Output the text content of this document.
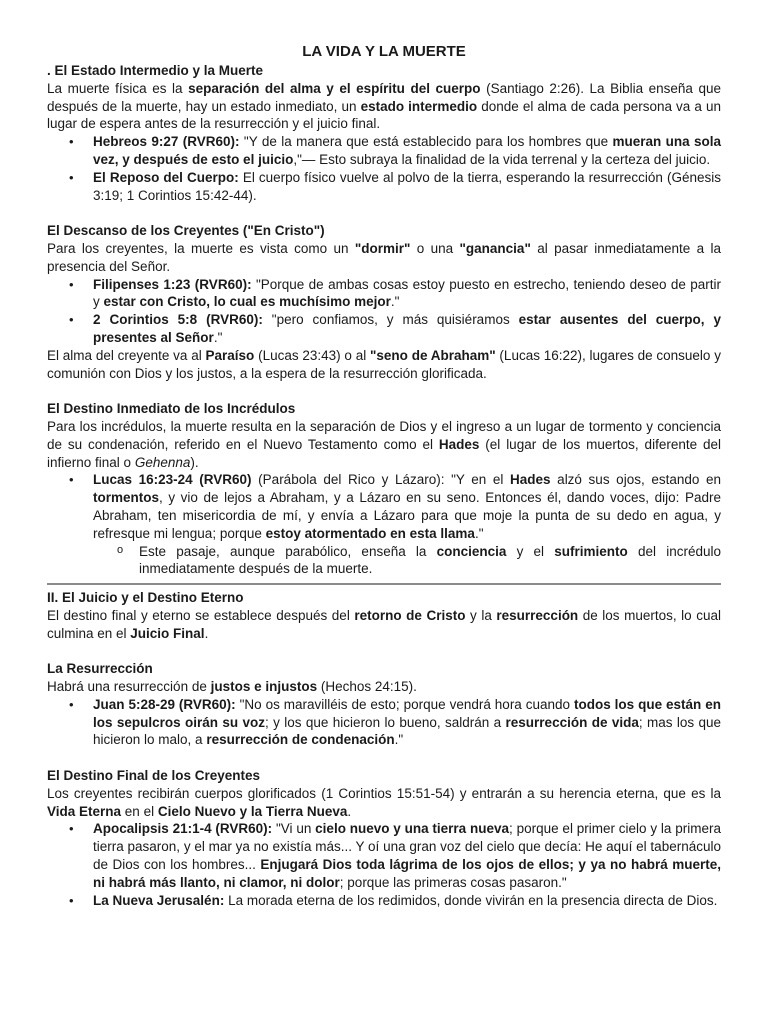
LA VIDA Y LA MUERTE
. El Estado Intermedio y la Muerte

La muerte física es la separación del alma y el espíritu del cuerpo (Santiago 2:26). La Biblia enseña que después de la muerte, hay un estado inmediato, un estado intermedio donde el alma de cada persona va a un lugar de espera antes de la resurrección y el juicio final.

• Hebreos 9:27 (RVR60): "Y de la manera que está establecido para los hombres que mueran una sola vez, y después de esto el juicio,"— Esto subraya la finalidad de la vida terrenal y la certeza del juicio.
• El Reposo del Cuerpo: El cuerpo físico vuelve al polvo de la tierra, esperando la resurrección (Génesis 3:19; 1 Corintios 15:42-44).
El Descanso de los Creyentes ("En Cristo")

Para los creyentes, la muerte es vista como un "dormir" o una "ganancia" al pasar inmediatamente a la presencia del Señor.

• Filipenses 1:23 (RVR60): "Porque de ambas cosas estoy puesto en estrecho, teniendo deseo de partir y estar con Cristo, lo cual es muchísimo mejor."
• 2 Corintios 5:8 (RVR60): "pero confiamos, y más quisiéramos estar ausentes del cuerpo, y presentes al Señor."

El alma del creyente va al Paraíso (Lucas 23:43) o al "seno de Abraham" (Lucas 16:22), lugares de consuelo y comunión con Dios y los justos, a la espera de la resurrección glorificada.

El Destino Inmediato de los Incrédulos

Para los incrédulos, la muerte resulta en la separación de Dios y el ingreso a un lugar de tormento y conciencia de su condenación, referido en el Nuevo Testamento como el Hades (el lugar de los muertos, diferente del infierno final o Gehenna).

• Lucas 16:23-24 (RVR60) (Parábola del Rico y Lázaro): "Y en el Hades alzó sus ojos, estando en tormentos, y vio de lejos a Abraham, y a Lázaro en su seno. Entonces él, dando voces, dijo: Padre Abraham, ten misericordia de mí, y envía a Lázaro para que moje la punta de su dedo en agua, y refresque mi lengua; porque estoy atormentado en esta llama."
o Este pasaje, aunque parabólico, enseña la conciencia y el sufrimiento del incrédulo inmediatamente después de la muerte.
II. El Juicio y el Destino Eterno

El destino final y eterno se establece después del retorno de Cristo y la resurrección de los muertos, lo cual culmina en el Juicio Final.

La Resurrección

Habrá una resurrección de justos e injustos (Hechos 24:15).

• Juan 5:28-29 (RVR60): "No os maravilléis de esto; porque vendrá hora cuando todos los que están en los sepulcros oirán su voz; y los que hicieron lo bueno, saldrán a resurrección de vida; mas los que hicieron lo malo, a resurrección de condenación."
El Destino Final de los Creyentes

Los creyentes recibirán cuerpos glorificados (1 Corintios 15:51-54) y entrarán a su herencia eterna, que es la Vida Eterna en el Cielo Nuevo y la Tierra Nueva.

• Apocalipsis 21:1-4 (RVR60): "Vi un cielo nuevo y una tierra nueva; porque el primer cielo y la primera tierra pasaron, y el mar ya no existía más... Y oí una gran voz del cielo que decía: He aquí el tabernáculo de Dios con los hombres... Enjugará Dios toda lágrima de los ojos de ellos; y ya no habrá muerte, ni habrá más llanto, ni clamor, ni dolor; porque las primeras cosas pasaron."
• La Nueva Jerusalén: La morada eterna de los redimidos, donde vivirán en la presencia directa de Dios.
